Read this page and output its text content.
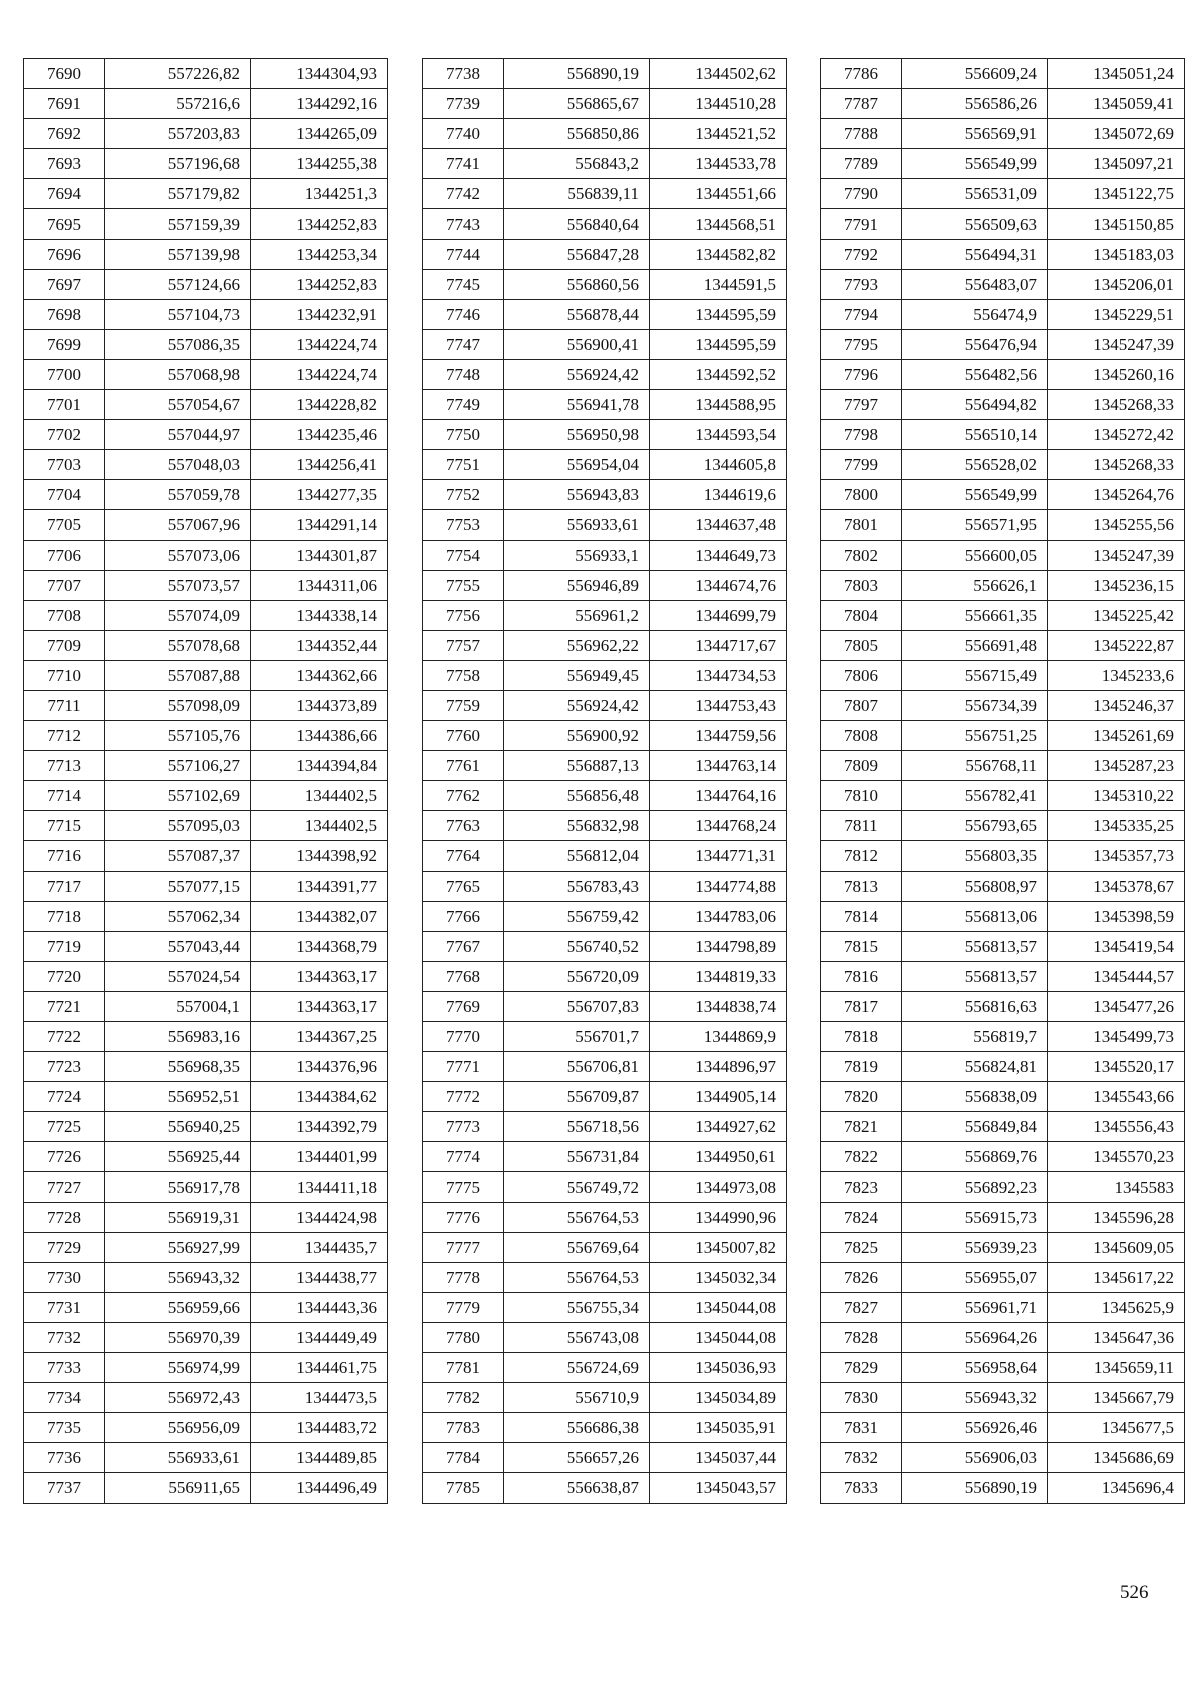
7690	557226,82	1344304,93
7691	557216,6	1344292,16
7692	557203,83	1344265,09
7693	557196,68	1344255,38
7694	557179,82	1344251,3
7695	557159,39	1344252,83
7696	557139,98	1344253,34
7697	557124,66	1344252,83
7698	557104,73	1344232,91
7699	557086,35	1344224,74
7700	557068,98	1344224,74
7701	557054,67	1344228,82
7702	557044,97	1344235,46
7703	557048,03	1344256,41
7704	557059,78	1344277,35
7705	557067,96	1344291,14
7706	557073,06	1344301,87
7707	557073,57	1344311,06
7708	557074,09	1344338,14
7709	557078,68	1344352,44
7710	557087,88	1344362,66
7711	557098,09	1344373,89
7712	557105,76	1344386,66
7713	557106,27	1344394,84
7714	557102,69	1344402,5
7715	557095,03	1344402,5
7716	557087,37	1344398,92
7717	557077,15	1344391,77
7718	557062,34	1344382,07
7719	557043,44	1344368,79
7720	557024,54	1344363,17
7721	557004,1	1344363,17
7722	556983,16	1344367,25
7723	556968,35	1344376,96
7724	556952,51	1344384,62
7725	556940,25	1344392,79
7726	556925,44	1344401,99
7727	556917,78	1344411,18
7728	556919,31	1344424,98
7729	556927,99	1344435,7
7730	556943,32	1344438,77
7731	556959,66	1344443,36
7732	556970,39	1344449,49
7733	556974,99	1344461,75
7734	556972,43	1344473,5
7735	556956,09	1344483,72
7736	556933,61	1344489,85
7737	556911,65	1344496,49
7738	556890,19	1344502,62
7739	556865,67	1344510,28
7740	556850,86	1344521,52
7741	556843,2	1344533,78
7742	556839,11	1344551,66
7743	556840,64	1344568,51
7744	556847,28	1344582,82
7745	556860,56	1344591,5
7746	556878,44	1344595,59
7747	556900,41	1344595,59
7748	556924,42	1344592,52
7749	556941,78	1344588,95
7750	556950,98	1344593,54
7751	556954,04	1344605,8
7752	556943,83	1344619,6
7753	556933,61	1344637,48
7754	556933,1	1344649,73
7755	556946,89	1344674,76
7756	556961,2	1344699,79
7757	556962,22	1344717,67
7758	556949,45	1344734,53
7759	556924,42	1344753,43
7760	556900,92	1344759,56
7761	556887,13	1344763,14
7762	556856,48	1344764,16
7763	556832,98	1344768,24
7764	556812,04	1344771,31
7765	556783,43	1344774,88
7766	556759,42	1344783,06
7767	556740,52	1344798,89
7768	556720,09	1344819,33
7769	556707,83	1344838,74
7770	556701,7	1344869,9
7771	556706,81	1344896,97
7772	556709,87	1344905,14
7773	556718,56	1344927,62
7774	556731,84	1344950,61
7775	556749,72	1344973,08
7776	556764,53	1344990,96
7777	556769,64	1345007,82
7778	556764,53	1345032,34
7779	556755,34	1345044,08
7780	556743,08	1345044,08
7781	556724,69	1345036,93
7782	556710,9	1345034,89
7783	556686,38	1345035,91
7784	556657,26	1345037,44
7785	556638,87	1345043,57
7786	556609,24	1345051,24
7787	556586,26	1345059,41
7788	556569,91	1345072,69
7789	556549,99	1345097,21
7790	556531,09	1345122,75
7791	556509,63	1345150,85
7792	556494,31	1345183,03
7793	556483,07	1345206,01
7794	556474,9	1345229,51
7795	556476,94	1345247,39
7796	556482,56	1345260,16
7797	556494,82	1345268,33
7798	556510,14	1345272,42
7799	556528,02	1345268,33
7800	556549,99	1345264,76
7801	556571,95	1345255,56
7802	556600,05	1345247,39
7803	556626,1	1345236,15
7804	556661,35	1345225,42
7805	556691,48	1345222,87
7806	556715,49	1345233,6
7807	556734,39	1345246,37
7808	556751,25	1345261,69
7809	556768,11	1345287,23
7810	556782,41	1345310,22
7811	556793,65	1345335,25
7812	556803,35	1345357,73
7813	556808,97	1345378,67
7814	556813,06	1345398,59
7815	556813,57	1345419,54
7816	556813,57	1345444,57
7817	556816,63	1345477,26
7818	556819,7	1345499,73
7819	556824,81	1345520,17
7820	556838,09	1345543,66
7821	556849,84	1345556,43
7822	556869,76	1345570,23
7823	556892,23	1345583
7824	556915,73	1345596,28
7825	556939,23	1345609,05
7826	556955,07	1345617,22
7827	556961,71	1345625,9
7828	556964,26	1345647,36
7829	556958,64	1345659,11
7830	556943,32	1345667,79
7831	556926,46	1345677,5
7832	556906,03	1345686,69
7833	556890,19	1345696,4
526
